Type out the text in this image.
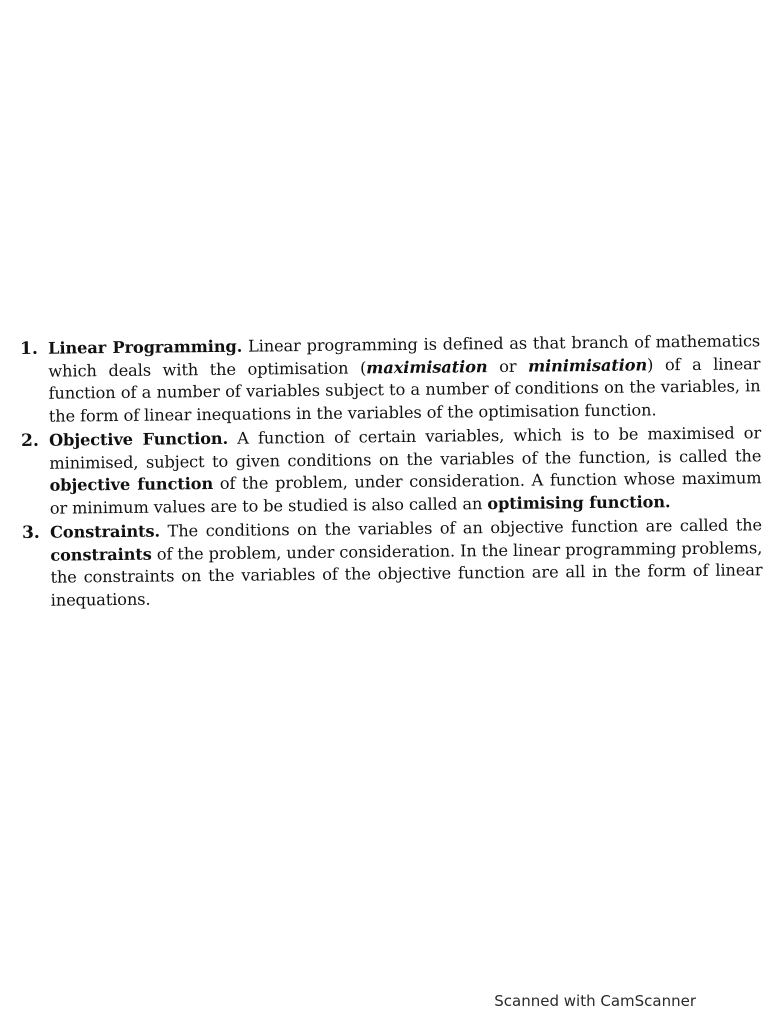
1. Linear Programming. Linear programming is defined as that branch of mathematics which deals with the optimisation (maximisation or minimisation) of a linear function of a number of variables subject to a number of conditions on the variables, in the form of linear inequations in the variables of the optimisation function.
2. Objective Function. A function of certain variables, which is to be maximised or minimised, subject to given conditions on the variables of the function, is called the objective function of the problem, under consideration. A function whose maximum or minimum values are to be studied is also called an optimising function.
3. Constraints. The conditions on the variables of an objective function are called the constraints of the problem, under consideration. In the linear programming problems, the constraints on the variables of the objective function are all in the form of linear inequations.
Scanned with CamScanner
